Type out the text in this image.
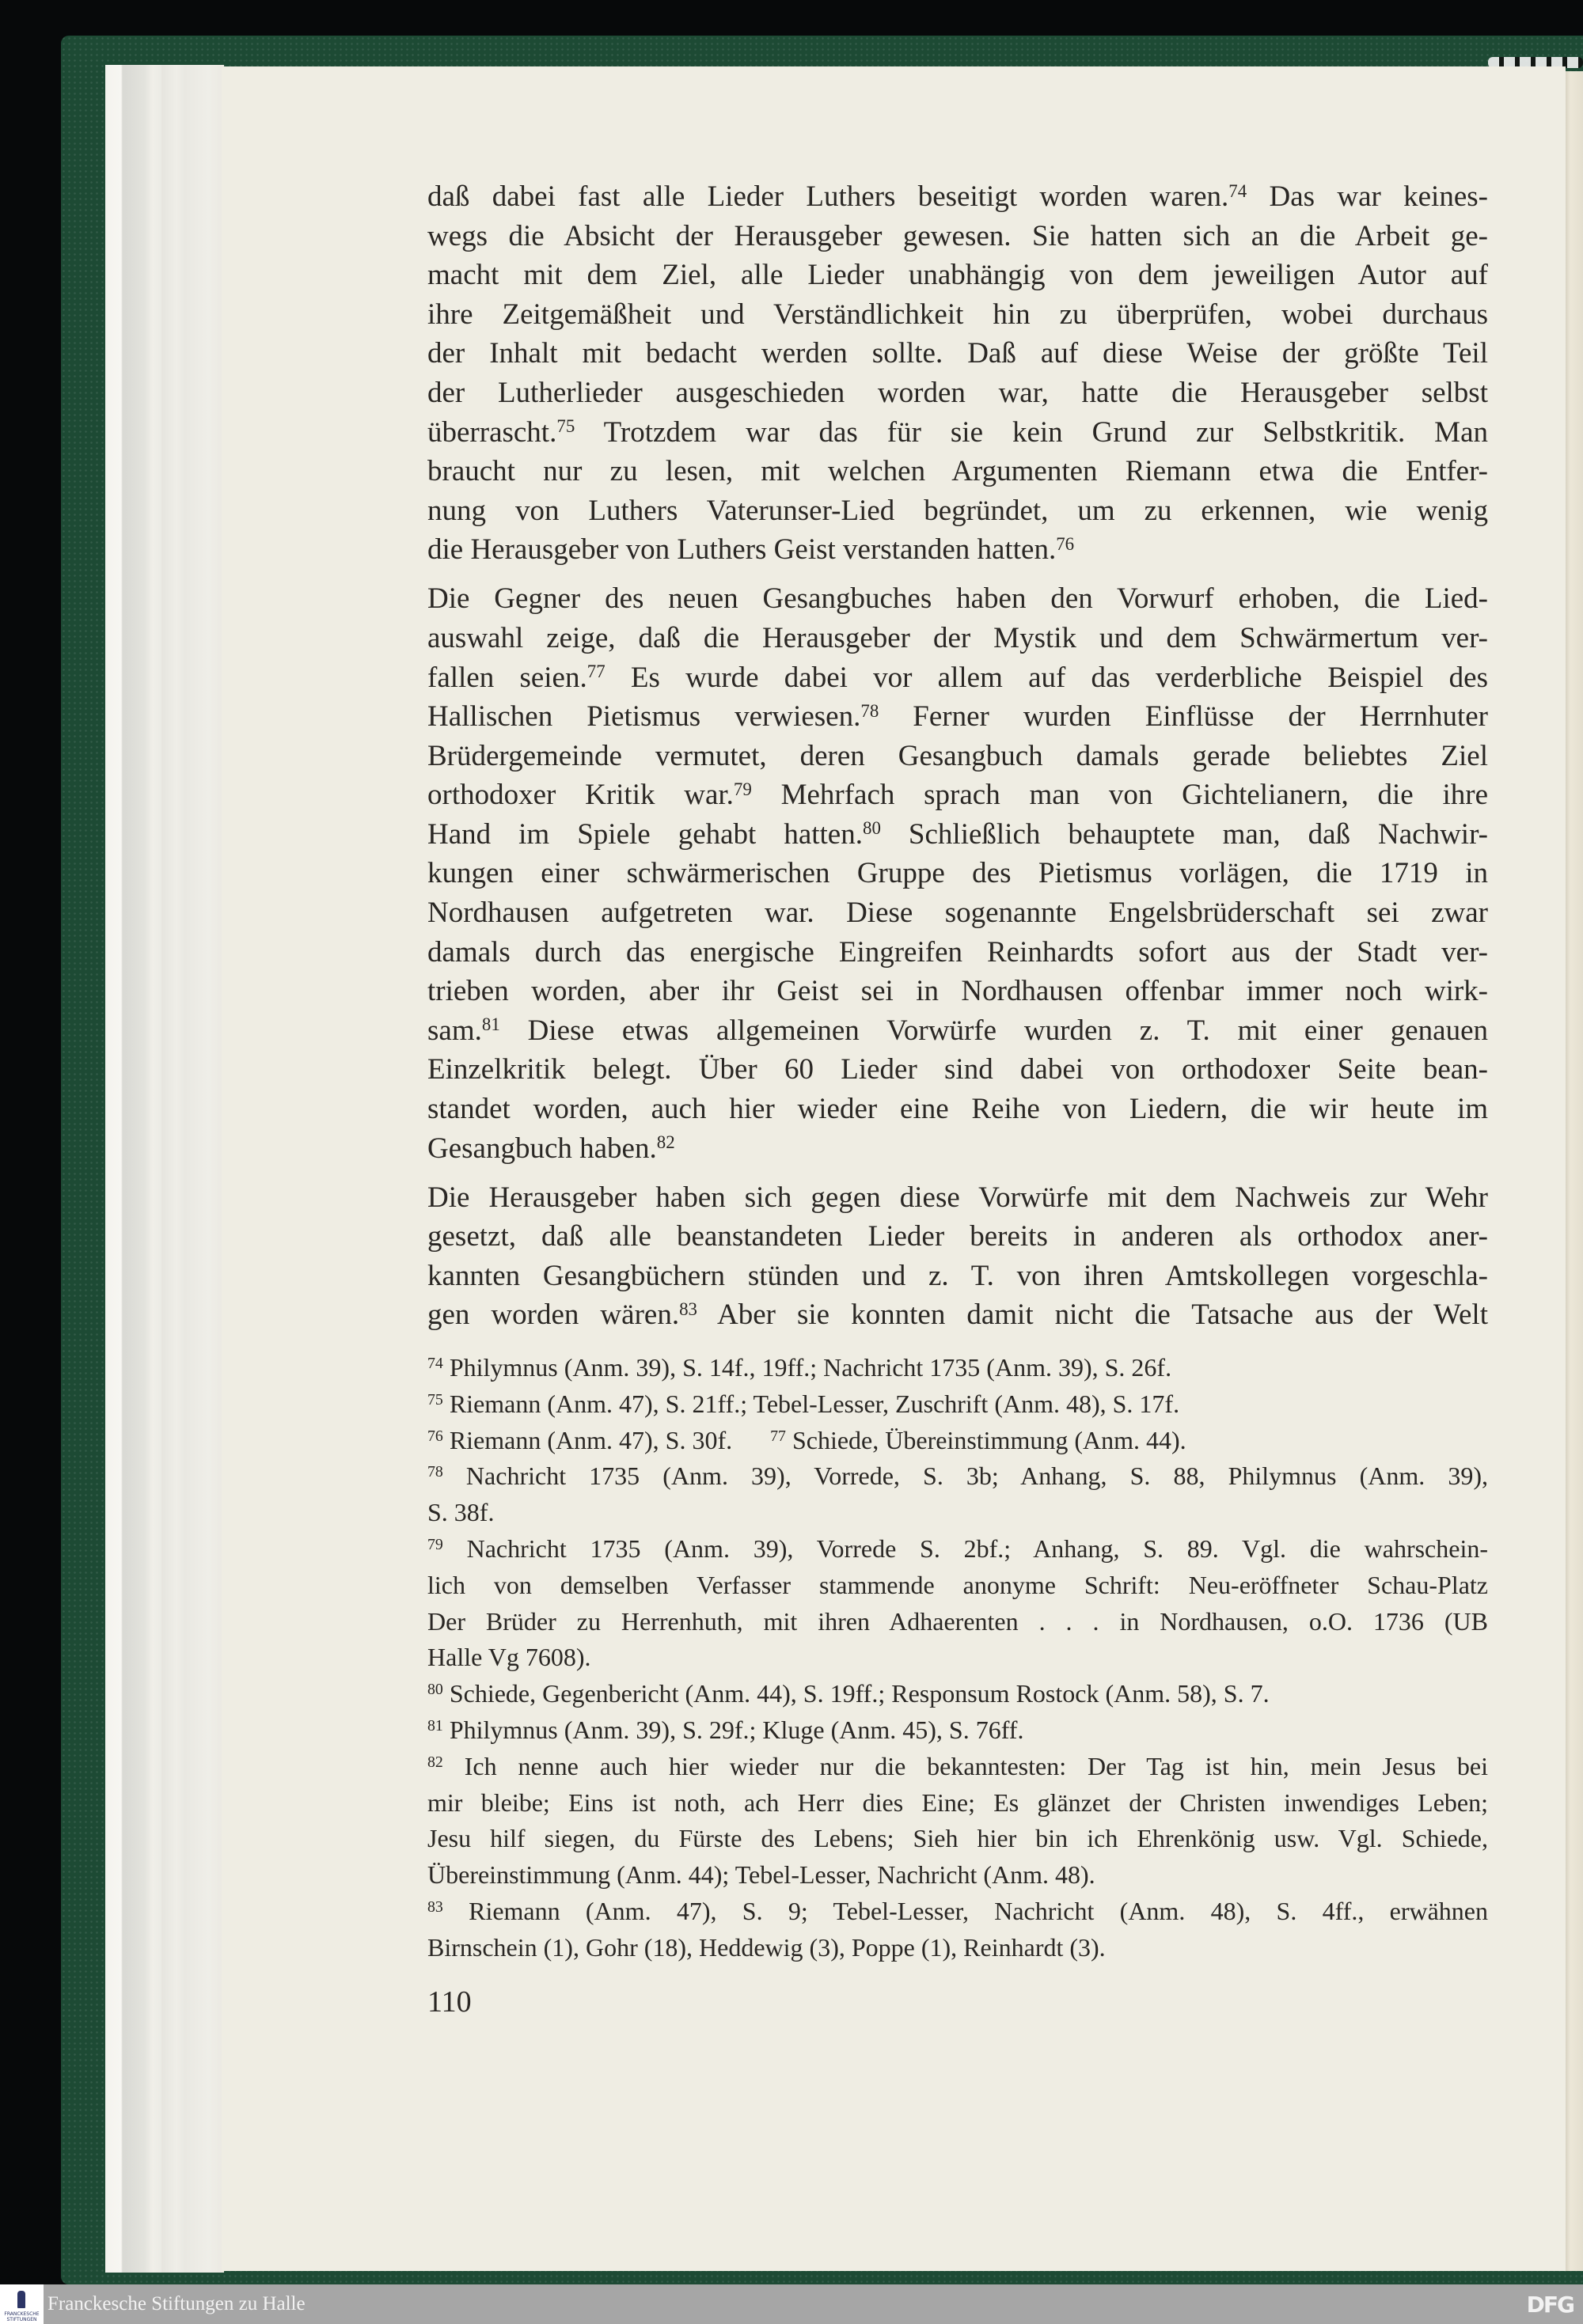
daß dabei fast alle Lieder Luthers beseitigt worden waren.$^{74}$ Das war keines-
wegs die Absicht der Herausgeber gewesen. Sie hatten sich an die Arbeit ge-
macht mit dem Ziel, alle Lieder unabhängig von dem jeweiligen Autor auf
ihre Zeitgemäßheit und Verständlichkeit hin zu überprüfen, wobei durchaus
der Inhalt mit bedacht werden sollte. Daß auf diese Weise der größte Teil
der Lutherlieder ausgeschieden worden war, hatte die Herausgeber selbst
überrascht.$^{75}$ Trotzdem war das für sie kein Grund zur Selbstkritik. Man
braucht nur zu lesen, mit welchen Argumenten Riemann etwa die Entfer-
nung von Luthers Vaterunser-Lied begründet, um zu erkennen, wie wenig
die Herausgeber von Luthers Geist verstanden hatten.$^{76}$
Die Gegner des neuen Gesangbuches haben den Vorwurf erhoben, die Lied-
auswahl zeige, daß die Herausgeber der Mystik und dem Schwärmertum ver-
fallen seien.$^{77}$ Es wurde dabei vor allem auf das verderbliche Beispiel des
Hallischen Pietismus verwiesen.$^{78}$ Ferner wurden Einflüsse der Herrnhuter
Brüdergemeinde vermutet, deren Gesangbuch damals gerade beliebtes Ziel
orthodoxer Kritik war.$^{79}$ Mehrfach sprach man von Gichtelianern, die ihre
Hand im Spiele gehabt hatten.$^{80}$ Schließlich behauptete man, daß Nachwir-
kungen einer schwärmerischen Gruppe des Pietismus vorlägen, die 1719 in
Nordhausen aufgetreten war. Diese sogenannte Engelsbrüderschaft sei zwar
damals durch das energische Eingreifen Reinhardts sofort aus der Stadt ver-
trieben worden, aber ihr Geist sei in Nordhausen offenbar immer noch wirk-
sam.$^{81}$ Diese etwas allgemeinen Vorwürfe wurden z. T. mit einer genauen
Einzelkritik belegt. Über 60 Lieder sind dabei von orthodoxer Seite bean-
standet worden, auch hier wieder eine Reihe von Liedern, die wir heute im
Gesangbuch haben.$^{82}$
Die Herausgeber haben sich gegen diese Vorwürfe mit dem Nachweis zur Wehr
gesetzt, daß alle beanstandeten Lieder bereits in anderen als orthodox aner-
kannten Gesangbüchern stünden und z. T. von ihren Amtskollegen vorgeschla-
gen worden wären.$^{83}$ Aber sie konnten damit nicht die Tatsache aus der Welt
$^{74}$ Philymnus (Anm. 39), S. 14f., 19ff.; Nachricht 1735 (Anm. 39), S. 26f.
$^{75}$ Riemann (Anm. 47), S. 21ff.; Tebel-Lesser, Zuschrift (Anm. 48), S. 17f.
$^{76}$ Riemann (Anm. 47), S. 30f.      $^{77}$ Schiede, Übereinstimmung (Anm. 44).
$^{78}$ Nachricht 1735 (Anm. 39), Vorrede, S. 3b; Anhang, S. 88, Philymnus (Anm. 39),
S. 38f.
$^{79}$ Nachricht 1735 (Anm. 39), Vorrede S. 2bf.; Anhang, S. 89. Vgl. die wahrschein-
lich von demselben Verfasser stammende anonyme Schrift: Neu-eröffneter Schau-Platz
Der Brüder zu Herrenhuth, mit ihren Adhaerenten . . . in Nordhausen, o.O. 1736 (UB
Halle Vg 7608).
$^{80}$ Schiede, Gegenbericht (Anm. 44), S. 19ff.; Responsum Rostock (Anm. 58), S. 7.
$^{81}$ Philymnus (Anm. 39), S. 29f.; Kluge (Anm. 45), S. 76ff.
$^{82}$ Ich nenne auch hier wieder nur die bekanntesten: Der Tag ist hin, mein Jesus bei
mir bleibe; Eins ist noth, ach Herr dies Eine; Es glänzet der Christen inwendiges Leben;
Jesu hilf siegen, du Fürste des Lebens; Sieh hier bin ich Ehrenkönig usw. Vgl. Schiede,
Übereinstimmung (Anm. 44); Tebel-Lesser, Nachricht (Anm. 48).
$^{83}$ Riemann (Anm. 47), S. 9; Tebel-Lesser, Nachricht (Anm. 48), S. 4ff., erwähnen
Birnschein (1), Gohr (18), Heddewig (3), Poppe (1), Reinhardt (3).
110
FRANCKESCHE STIFTUNGEN
Franckesche Stiftungen zu Halle	DFG
